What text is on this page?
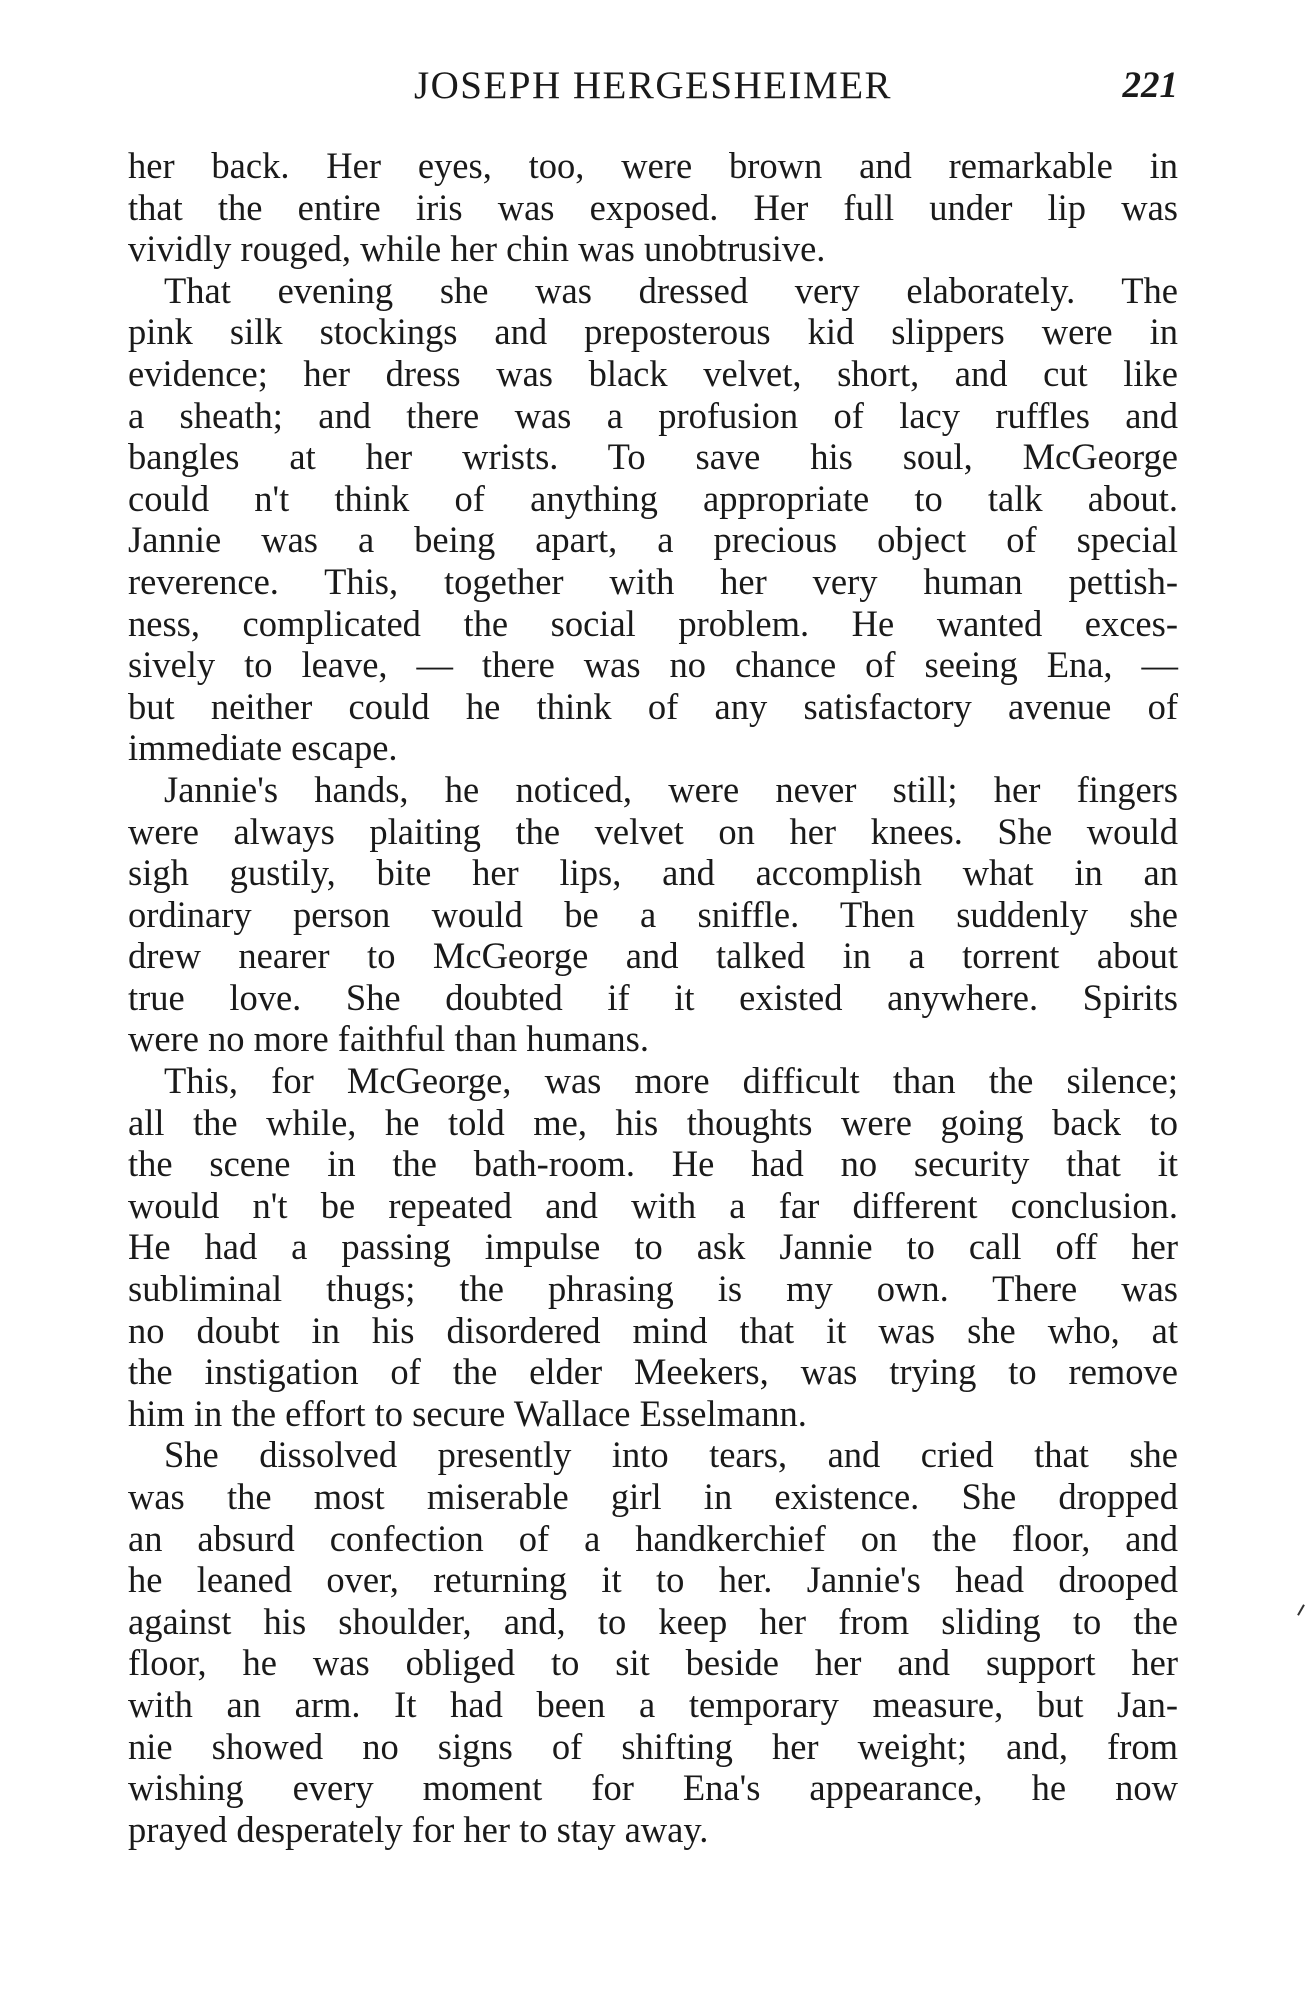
JOSEPH HERGESHEIMER	221
her back. Her eyes, too, were brown and remarkable in
that the entire iris was exposed. Her full under lip was
vividly rouged, while her chin was unobtrusive.
That evening she was dressed very elaborately. The
pink silk stockings and preposterous kid slippers were in
evidence; her dress was black velvet, short, and cut like
a sheath; and there was a profusion of lacy ruffles and
bangles at her wrists. To save his soul, McGeorge
could n't think of anything appropriate to talk about.
Jannie was a being apart, a precious object of special
reverence. This, together with her very human pettish-
ness, complicated the social problem. He wanted exces-
sively to leave, — there was no chance of seeing Ena, —
but neither could he think of any satisfactory avenue of
immediate escape.
Jannie's hands, he noticed, were never still; her fingers
were always plaiting the velvet on her knees. She would
sigh gustily, bite her lips, and accomplish what in an
ordinary person would be a sniffle. Then suddenly she
drew nearer to McGeorge and talked in a torrent about
true love. She doubted if it existed anywhere. Spirits
were no more faithful than humans.
This, for McGeorge, was more difficult than the silence;
all the while, he told me, his thoughts were going back to
the scene in the bath-room. He had no security that it
would n't be repeated and with a far different conclusion.
He had a passing impulse to ask Jannie to call off her
subliminal thugs; the phrasing is my own. There was
no doubt in his disordered mind that it was she who, at
the instigation of the elder Meekers, was trying to remove
him in the effort to secure Wallace Esselmann.
She dissolved presently into tears, and cried that she
was the most miserable girl in existence. She dropped
an absurd confection of a handkerchief on the floor, and
he leaned over, returning it to her. Jannie's head drooped
against his shoulder, and, to keep her from sliding to the
floor, he was obliged to sit beside her and support her
with an arm. It had been a temporary measure, but Jan-
nie showed no signs of shifting her weight; and, from
wishing every moment for Ena's appearance, he now
prayed desperately for her to stay away.
